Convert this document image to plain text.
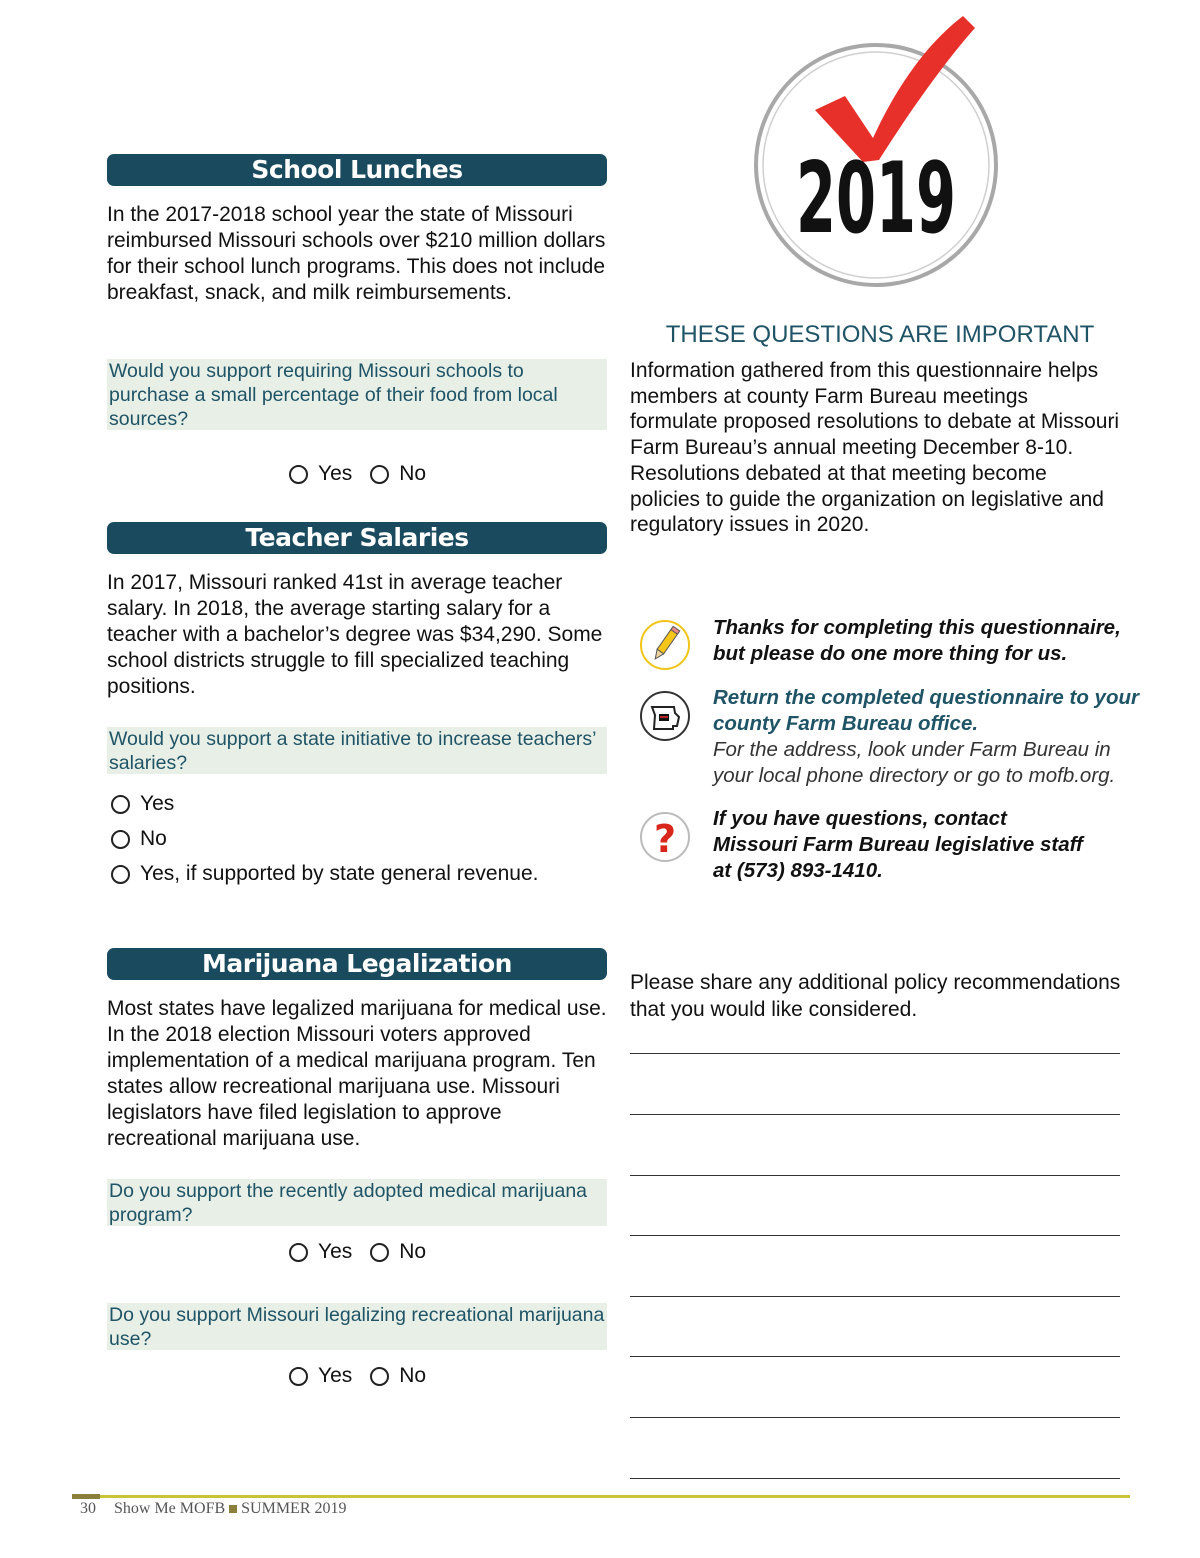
School Lunches
In the 2017-2018 school year the state of Missouri reimbursed Missouri schools over $210 million dollars for their school lunch programs. This does not include breakfast, snack, and milk reimbursements.
Would you support requiring Missouri schools to purchase a small percentage of their food from local sources?
Yes No
Teacher Salaries
In 2017, Missouri ranked 41st in average teacher salary. In 2018, the average starting salary for a teacher with a bachelor’s degree was $34,290. Some school districts struggle to fill specialized teaching positions.
Would you support a state initiative to increase teachers’ salaries?
Yes
No
Yes, if supported by state general revenue.
Marijuana Legalization
Most states have legalized marijuana for medical use. In the 2018 election Missouri voters approved implementation of a medical marijuana program. Ten states allow recreational marijuana use. Missouri legislators have filed legislation to approve recreational marijuana use.
Do you support the recently adopted medical marijuana program?
Yes No
Do you support Missouri legalizing recreational marijuana use?
Yes No
2019
THESE QUESTIONS ARE IMPORTANT
Information gathered from this questionnaire helps members at county Farm Bureau meetings formulate proposed resolutions to debate at Missouri Farm Bureau’s annual meeting December 8-10. Resolutions debated at that meeting become policies to guide the organization on legislative and regulatory issues in 2020.
Thanks for completing this questionnaire, but please do one more thing for us.
Return the completed questionnaire to your county Farm Bureau office.
For the address, look under Farm Bureau in your local phone directory or go to mofb.org.
? If you have questions, contact Missouri Farm Bureau legislative staff at (573) 893-1410.
Please share any additional policy recommendations that you would like considered.
30 Show Me MOFB SUMMER 2019
